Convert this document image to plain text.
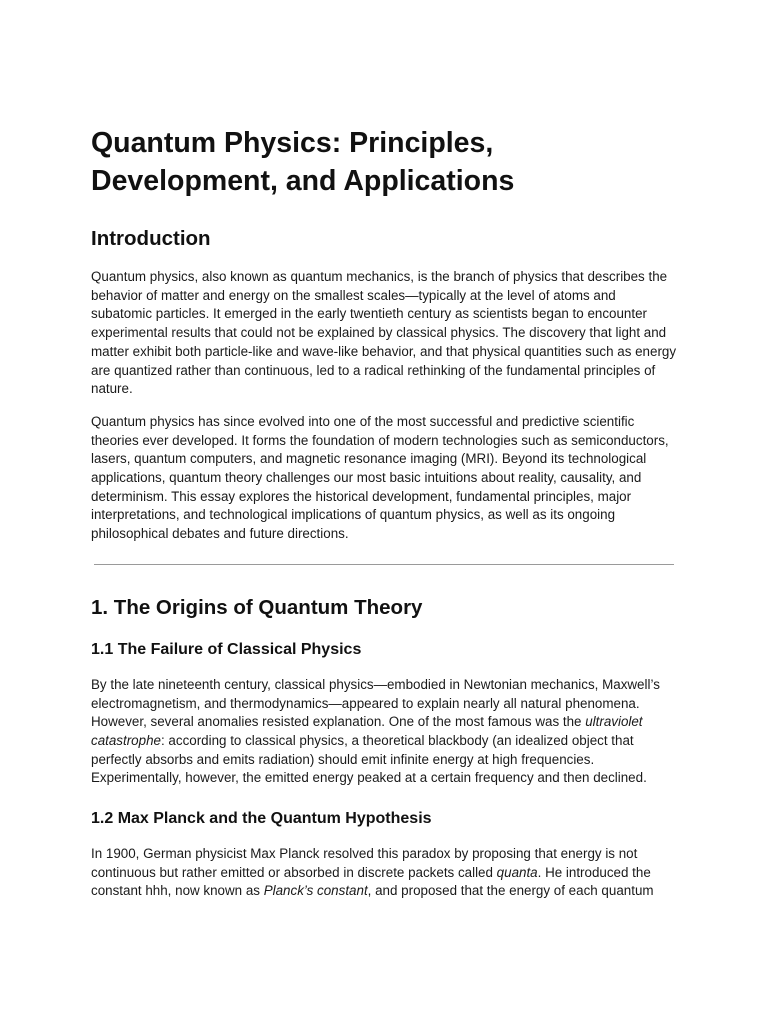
Quantum Physics: Principles,
Development, and Applications
Introduction

Quantum physics, also known as quantum mechanics, is the branch of physics that describes the behavior of matter and energy on the smallest scales—typically at the level of atoms and subatomic particles. It emerged in the early twentieth century as scientists began to encounter experimental results that could not be explained by classical physics. The discovery that light and matter exhibit both particle-like and wave-like behavior, and that physical quantities such as energy are quantized rather than continuous, led to a radical rethinking of the fundamental principles of nature.

Quantum physics has since evolved into one of the most successful and predictive scientific theories ever developed. It forms the foundation of modern technologies such as semiconductors, lasers, quantum computers, and magnetic resonance imaging (MRI). Beyond its technological applications, quantum theory challenges our most basic intuitions about reality, causality, and determinism. This essay explores the historical development, fundamental principles, major interpretations, and technological implications of quantum physics, as well as its ongoing philosophical debates and future directions.

1. The Origins of Quantum Theory
1.1 The Failure of Classical Physics

By the late nineteenth century, classical physics—embodied in Newtonian mechanics, Maxwell’s electromagnetism, and thermodynamics—appeared to explain nearly all natural phenomena. However, several anomalies resisted explanation. One of the most famous was the ultraviolet catastrophe: according to classical physics, a theoretical blackbody (an idealized object that perfectly absorbs and emits radiation) should emit infinite energy at high frequencies. Experimentally, however, the emitted energy peaked at a certain frequency and then declined.

1.2 Max Planck and the Quantum Hypothesis

In 1900, German physicist Max Planck resolved this paradox by proposing that energy is not continuous but rather emitted or absorbed in discrete packets called quanta. He introduced the constant hhh, now known as Planck’s constant, and proposed that the energy of each quantum
